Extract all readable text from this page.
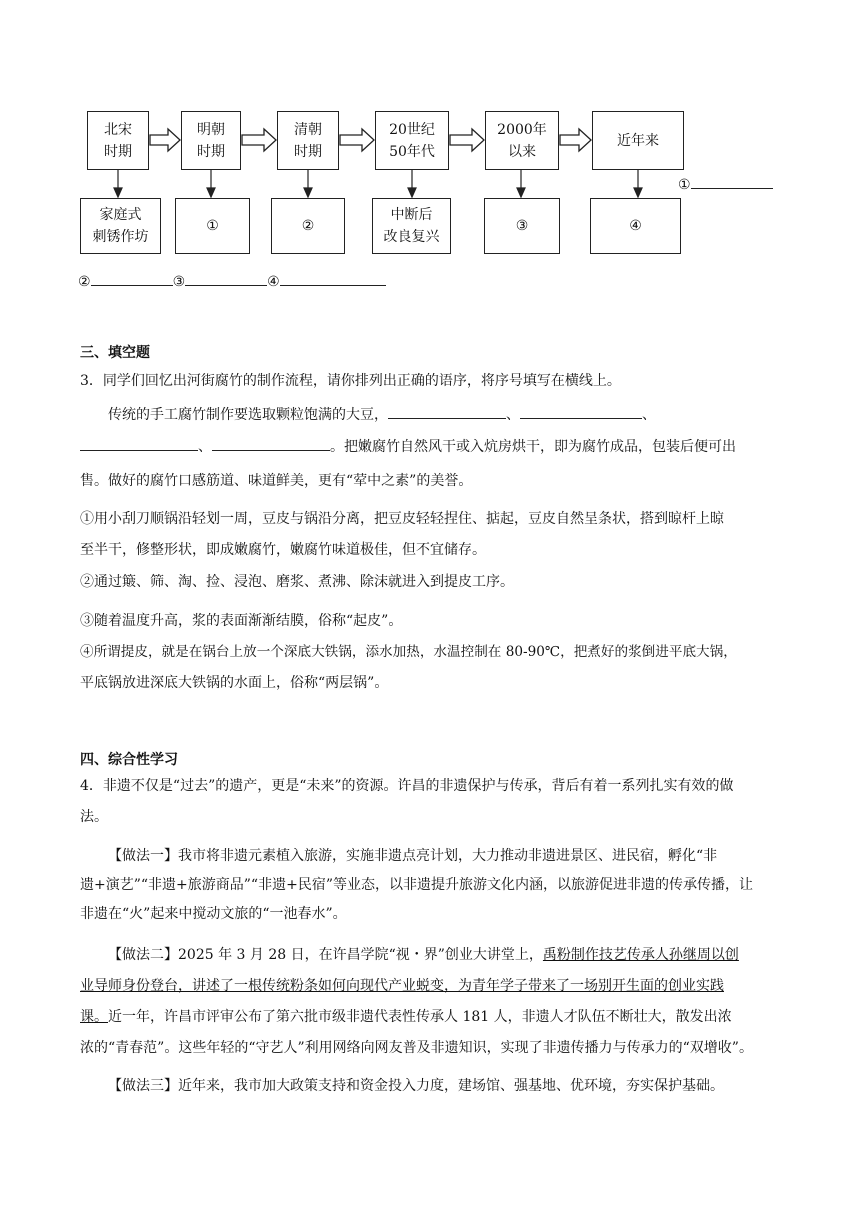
北宋
时期
明朝
时期
清朝
时期
20世纪
50年代
2000年
以来
近年来
家庭式
刺锈作坊
①	②
中断后
改良复兴
③	④
①
②	③	④
三、填空题
3．同学们回忆出河街腐竹的制作流程，请你排列出正确的语序，将序号填写在横线上。
传统的手工腐竹制作要选取颗粒饱满的大豆，	、	、
、	。把嫩腐竹自然风干或入炕房烘干，即为腐竹成品，包装后便可出
售。做好的腐竹口感筋道、味道鲜美，更有“荤中之素”的美誉。
①用小刮刀顺锅沿轻划一周，豆皮与锅沿分离，把豆皮轻轻捏住、掂起，豆皮自然呈条状，搭到晾杆上晾
至半干，修整形状，即成嫩腐竹，嫩腐竹味道极佳，但不宜储存。
②通过簸、筛、淘、捡、浸泡、磨浆、煮沸、除沫就进入到提皮工序。
③随着温度升高，浆的表面渐渐结膜，俗称“起皮”。
④所谓提皮，就是在锅台上放一个深底大铁锅，添水加热，水温控制在 80-90℃，把煮好的浆倒进平底大锅，
平底锅放进深底大铁锅的水面上，俗称“两层锅”。
四、综合性学习
4．非遗不仅是“过去”的遗产，更是“未来”的资源。许昌的非遗保护与传承，背后有着一系列扎实有效的做
法。
【做法一】我市将非遗元素植入旅游，实施非遗点亮计划，大力推动非遗进景区、进民宿，孵化“非
遗+演艺”“非遗+旅游商品”“非遗+民宿”等业态，以非遗提升旅游文化内涵，以旅游促进非遗的传承传播，让
非遗在“火”起来中搅动文旅的“一池春水”。
【做法二】2025 年 3 月 28 日，在许昌学院“视・界”创业大讲堂上，禹粉制作技艺传承人孙继周以创
业导师身份登台，讲述了一根传统粉条如何向现代产业蜕变，为青年学子带来了一场别开生面的创业实践
课。近一年，许昌市评审公布了第六批市级非遗代表性传承人 181 人，非遗人才队伍不断壮大，散发出浓
浓的“青春范”。这些年轻的“守艺人”利用网络向网友普及非遗知识，实现了非遗传播力与传承力的“双增收”。
【做法三】近年来，我市加大政策支持和资金投入力度，建场馆、强基地、优环境，夯实保护基础。
